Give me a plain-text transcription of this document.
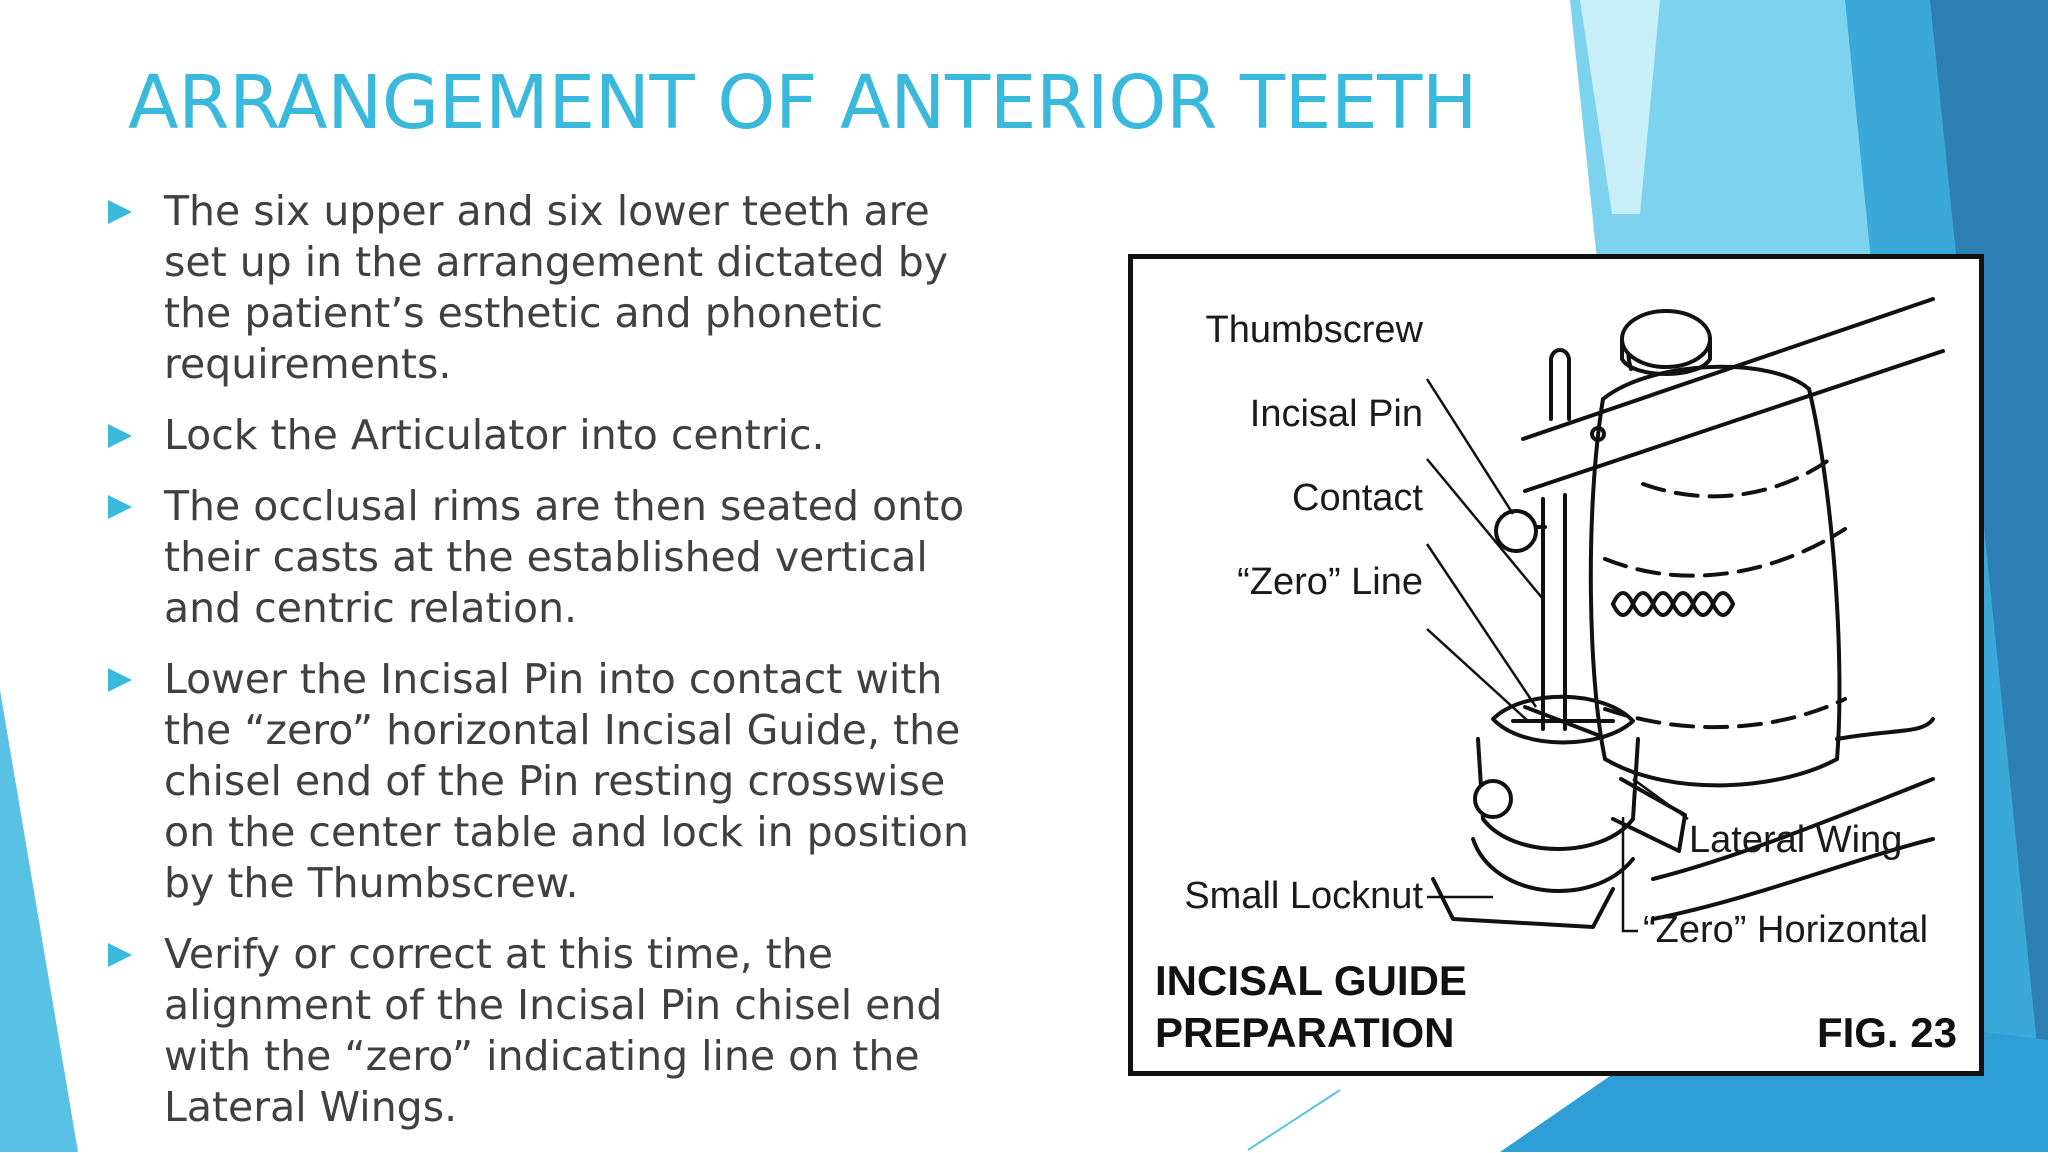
ARRANGEMENT OF ANTERIOR TEETH
The six upper and six lower teeth are set up in the arrangement dictated by the patient’s esthetic and phonetic requirements.
Lock the Articulator into centric.
The occlusal rims are then seated onto their casts at the established vertical and centric relation.
Lower the Incisal Pin into contact with the “zero” horizontal Incisal Guide, the chisel end of the Pin resting crosswise on the center table and lock in position by the Thumbscrew.
Verify or correct at this time, the alignment of the Incisal Pin chisel end with the “zero” indicating line on the Lateral Wings.
Thumbscrew
Incisal Pin
Contact
“Zero” Line
Small Locknut
Lateral Wing
“Zero” Horizontal
INCISAL GUIDE
PREPARATION	FIG. 23
